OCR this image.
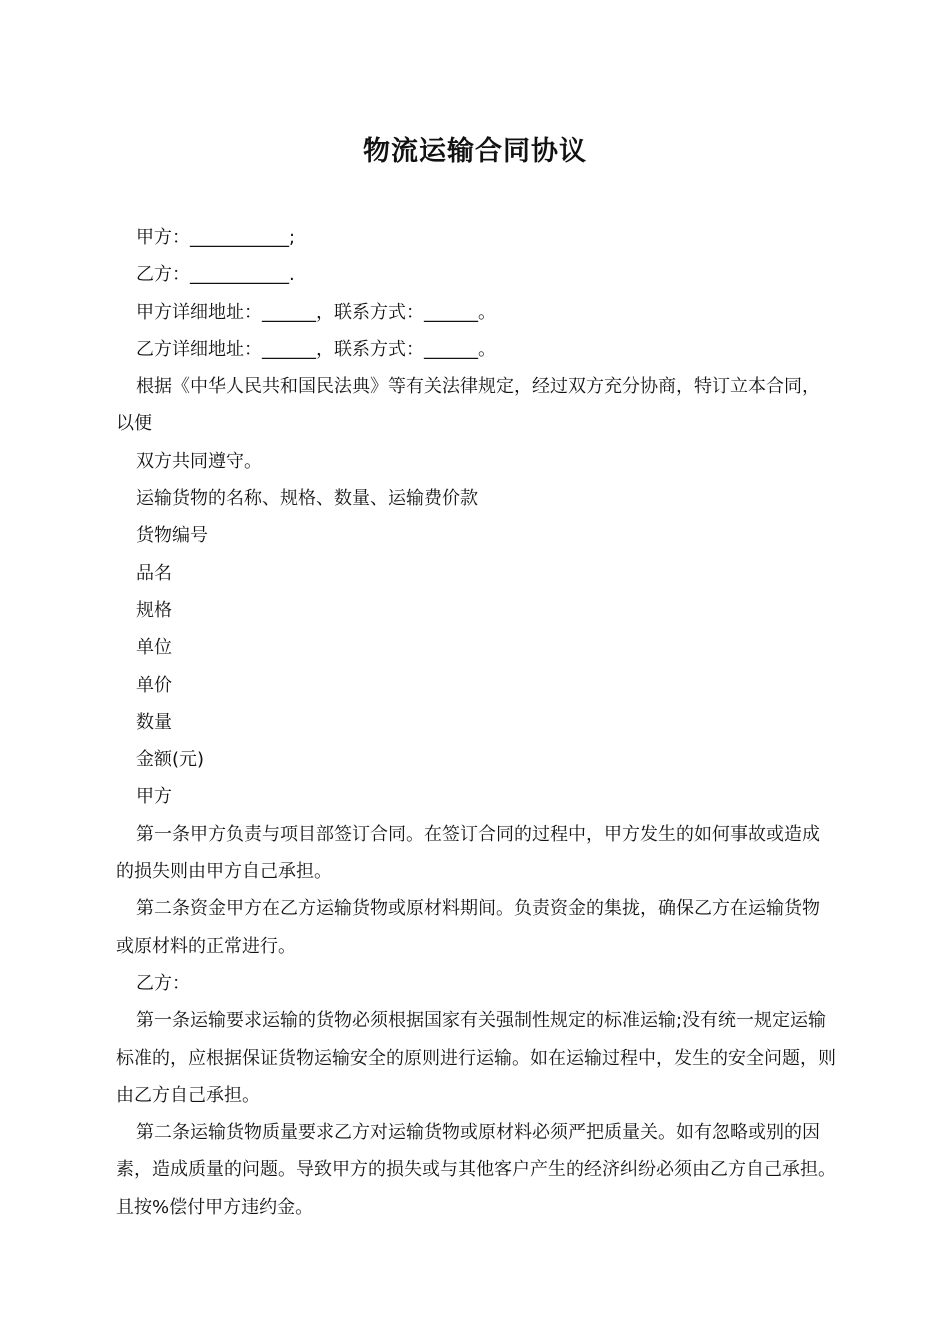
物流运输合同协议

甲方：___________;

乙方：___________.

甲方详细地址：______，联系方式：______。

乙方详细地址：______，联系方式：______。

根据《中华人民共和国民法典》等有关法律规定，经过双方充分协商，特订立本合同，以便

双方共同遵守。

运输货物的名称、规格、数量、运输费价款

货物编号

品名

规格

单位

单价

数量

金额(元)

甲方

第一条甲方负责与项目部签订合同。在签订合同的过程中，甲方发生的如何事故或造成的损失则由甲方自己承担。

第二条资金甲方在乙方运输货物或原材料期间。负责资金的集拢，确保乙方在运输货物或原材料的正常进行。

乙方：

第一条运输要求运输的货物必须根据国家有关强制性规定的标准运输;没有统一规定运输标准的，应根据保证货物运输安全的原则进行运输。如在运输过程中，发生的安全问题，则由乙方自己承担。

第二条运输货物质量要求乙方对运输货物或原材料必须严把质量关。如有忽略或别的因素，造成质量的问题。导致甲方的损失或与其他客户产生的经济纠纷必须由乙方自己承担。且按%偿付甲方违约金。
